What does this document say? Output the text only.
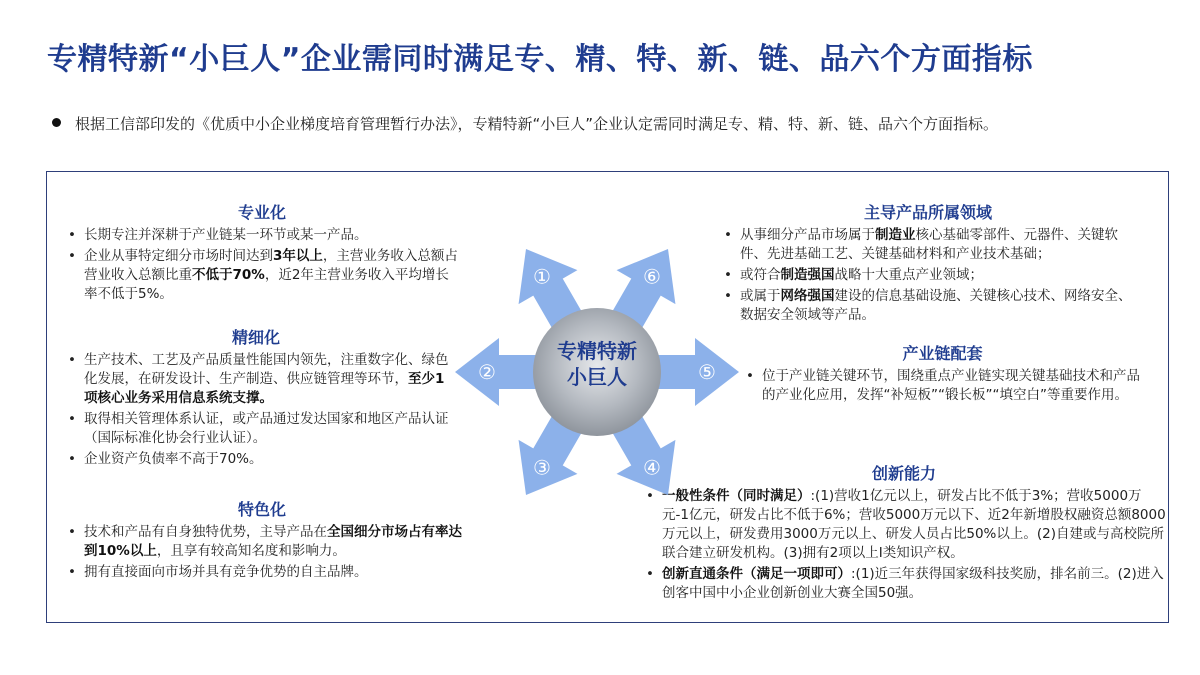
专精特新“小巨人”企业需同时满足专、精、特、新、链、品六个方面指标
根据工信部印发的《优质中小企业梯度培育管理暂行办法》，专精特新“小巨人”企业认定需同时满足专、精、特、新、链、品六个方面指标。
专业化
• 长期专注并深耕于产业链某一环节或某一产品。
• 企业从事特定细分市场时间达到3年以上，主营业务收入总额占营业收入总额比重不低于70%，近2年主营业务收入平均增长率不低于5%。
精细化
• 生产技术、工艺及产品质量性能国内领先，注重数字化、绿色化发展，在研发设计、生产制造、供应链管理等环节，至少1项核心业务采用信息系统支撑。
• 取得相关管理体系认证，或产品通过发达国家和地区产品认证（国际标准化协会行业认证）。
• 企业资产负债率不高于70%。
特色化
• 技术和产品有自身独特优势，主导产品在全国细分市场占有率达到10%以上，且享有较高知名度和影响力。
• 拥有直接面向市场并具有竞争优势的自主品牌。
主导产品所属领域
• 从事细分产品市场属于制造业核心基础零部件、元器件、关键软件、先进基础工艺、关键基础材料和产业技术基础；
• 或符合制造强国战略十大重点产业领域；
• 或属于网络强国建设的信息基础设施、关键核心技术、网络安全、数据安全领域等产品。
产业链配套
• 位于产业链关键环节，围绕重点产业链实现关键基础技术和产品的产业化应用，发挥“补短板”“锻长板”“填空白”等重要作用。
创新能力
• 一般性条件（同时满足）:(1)营收1亿元以上，研发占比不低于3%；营收5000万元-1亿元，研发占比不低于6%；营收5000万元以下、近2年新增股权融资总额8000万元以上，研发费用3000万元以上、研发人员占比50%以上。(2)自建或与高校院所联合建立研发机构。(3)拥有2项以上Ⅰ类知识产权。
• 创新直通条件（满足一项即可）:(1)近三年获得国家级科技奖励，排名前三。(2)进入创客中国中小企业创新创业大赛全国50强。
①
②
③	④
⑤
⑥
专精特新
小巨人
